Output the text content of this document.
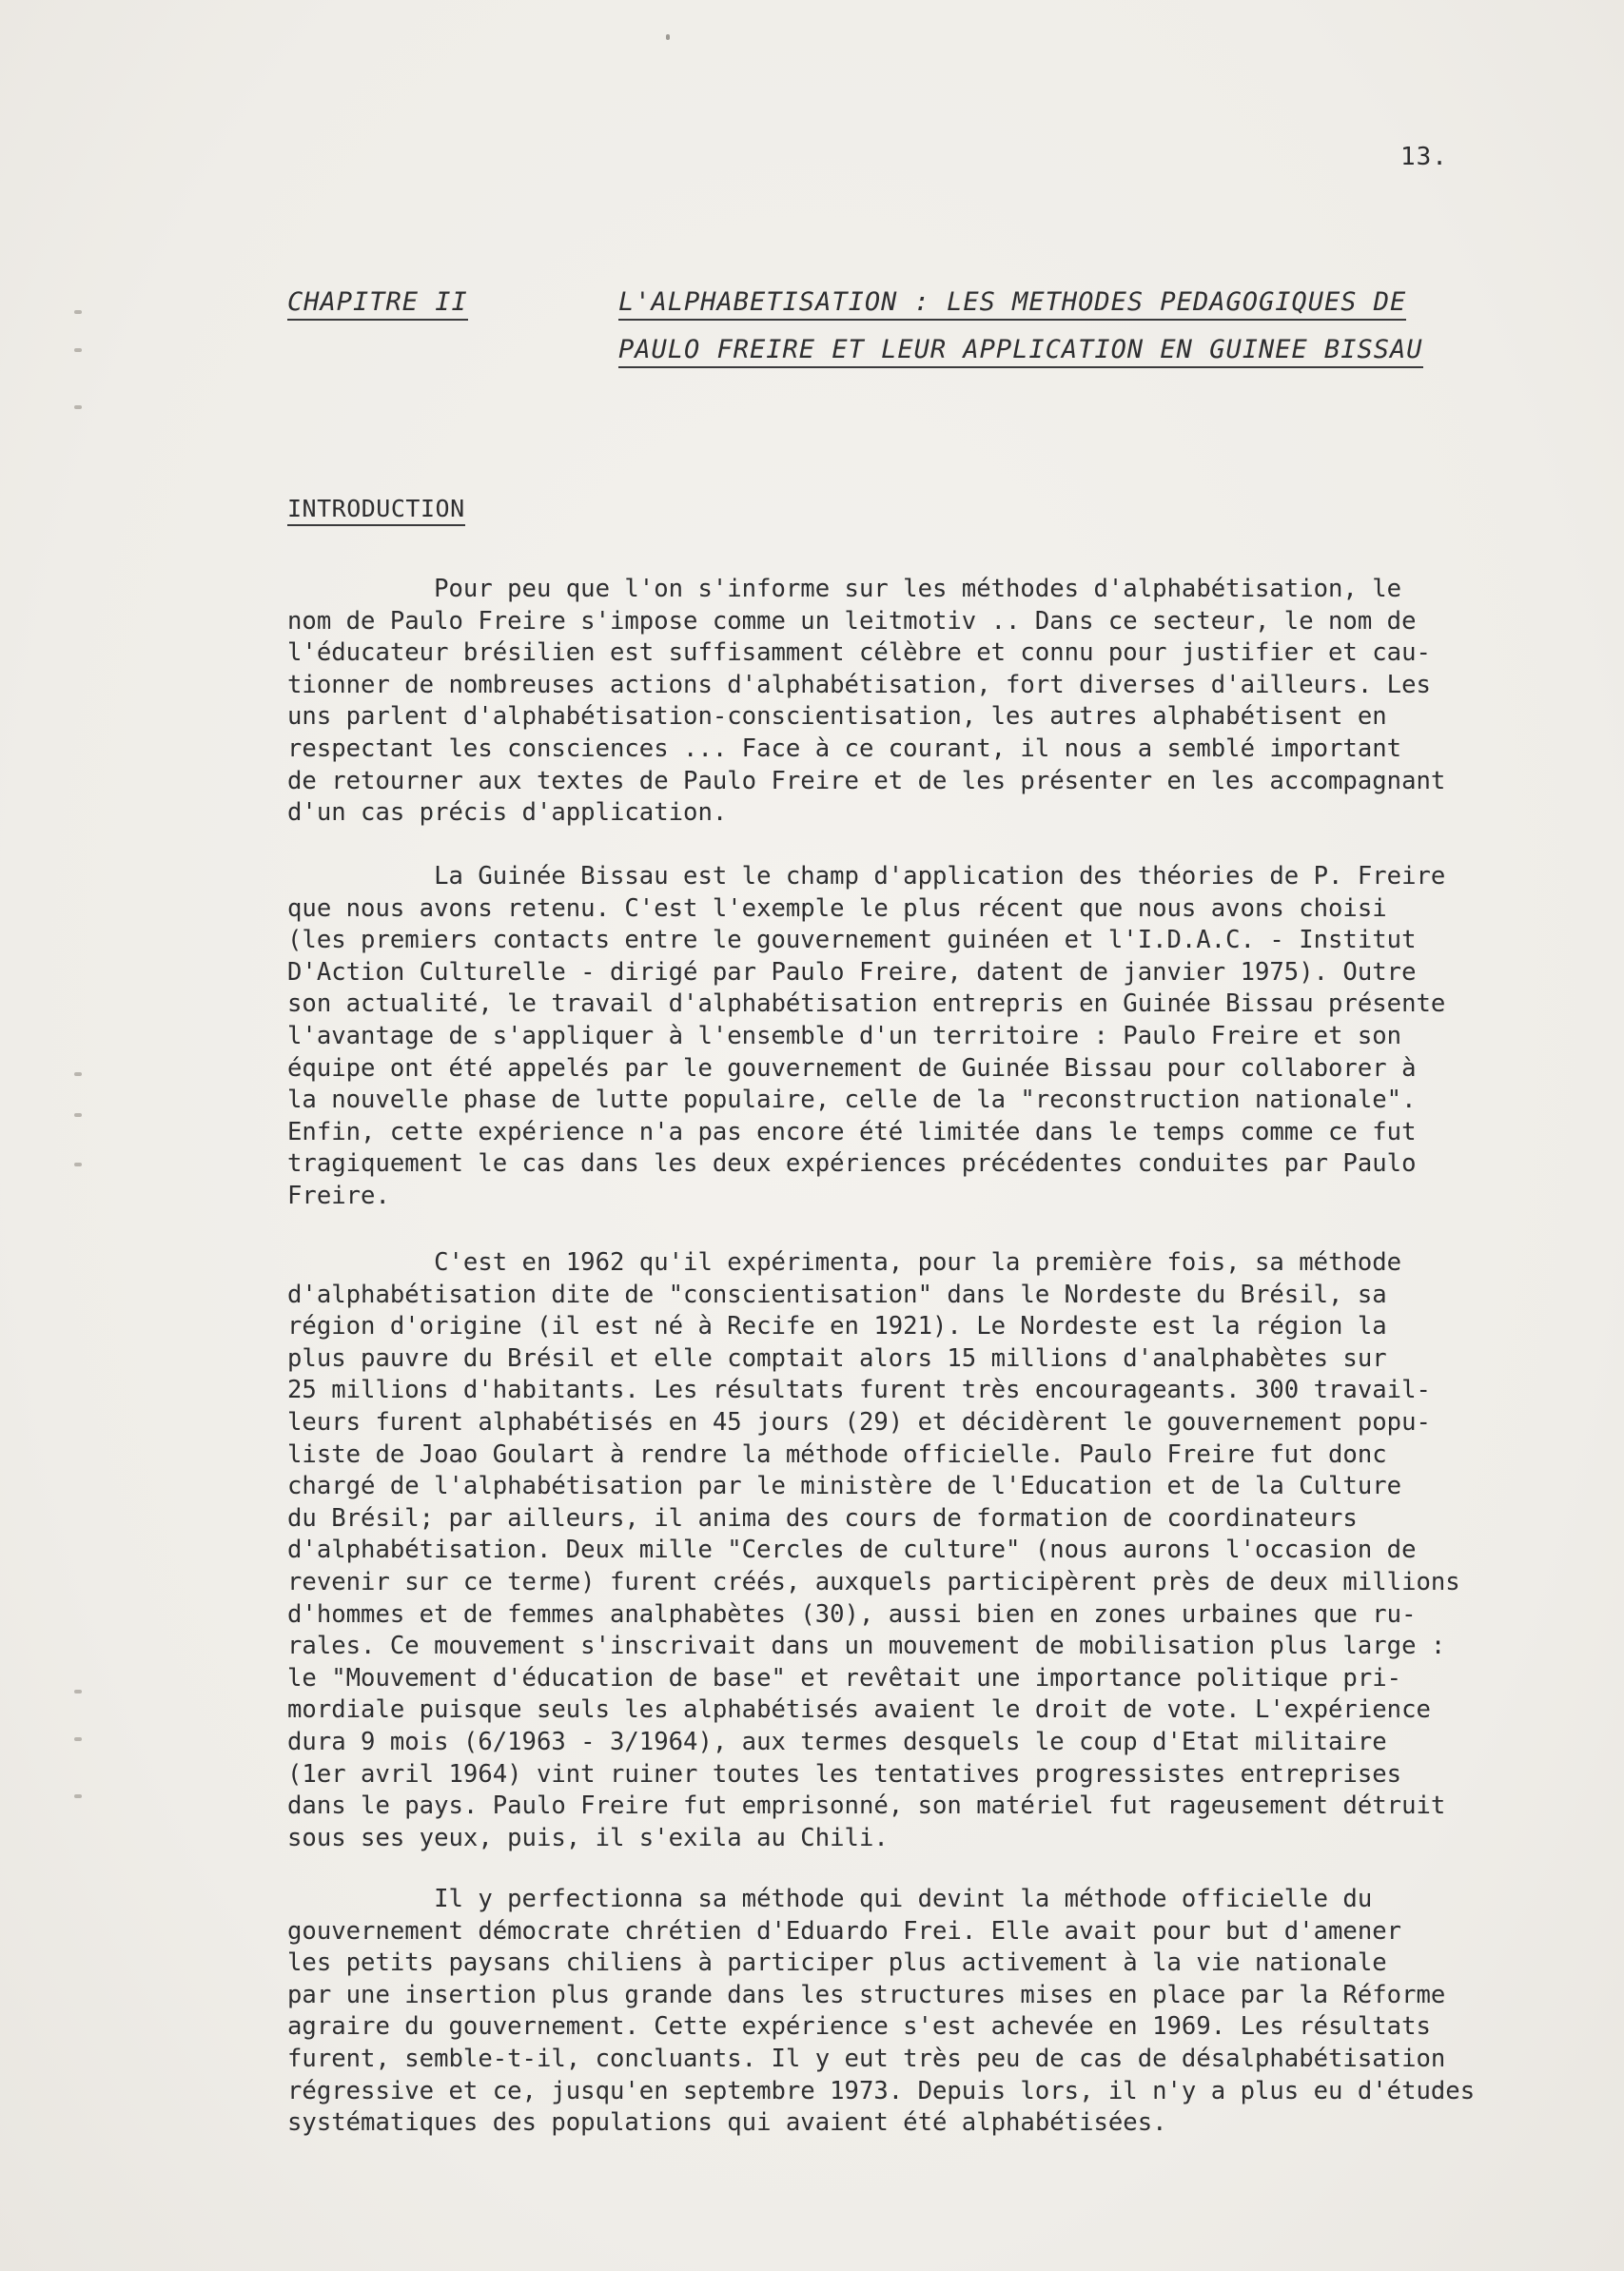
13.
CHAPITRE II	L'ALPHABETISATION : LES METHODES PEDAGOGIQUES DE
PAULO FREIRE ET LEUR APPLICATION EN GUINEE BISSAU
INTRODUCTION

Pour peu que l'on s'informe sur les méthodes d'alphabétisation, le
nom de Paulo Freire s'impose comme un leitmotiv .. Dans ce secteur, le nom de
l'éducateur brésilien est suffisamment célèbre et connu pour justifier et cau-
tionner de nombreuses actions d'alphabétisation, fort diverses d'ailleurs. Les
uns parlent d'alphabétisation-conscientisation, les autres alphabétisent en
respectant les consciences ... Face à ce courant, il nous a semblé important
de retourner aux textes de Paulo Freire et de les présenter en les accompagnant
d'un cas précis d'application.

La Guinée Bissau est le champ d'application des théories de P. Freire
que nous avons retenu. C'est l'exemple le plus récent que nous avons choisi
(les premiers contacts entre le gouvernement guinéen et l'I.D.A.C. - Institut
D'Action Culturelle - dirigé par Paulo Freire, datent de janvier 1975). Outre
son actualité, le travail d'alphabétisation entrepris en Guinée Bissau présente
l'avantage de s'appliquer à l'ensemble d'un territoire : Paulo Freire et son
équipe ont été appelés par le gouvernement de Guinée Bissau pour collaborer à
la nouvelle phase de lutte populaire, celle de la "reconstruction nationale".
Enfin, cette expérience n'a pas encore été limitée dans le temps comme ce fut
tragiquement le cas dans les deux expériences précédentes conduites par Paulo
Freire.

C'est en 1962 qu'il expérimenta, pour la première fois, sa méthode
d'alphabétisation dite de "conscientisation" dans le Nordeste du Brésil, sa
région d'origine (il est né à Recife en 1921). Le Nordeste est la région la
plus pauvre du Brésil et elle comptait alors 15 millions d'analphabètes sur
25 millions d'habitants. Les résultats furent très encourageants. 300 travail-
leurs furent alphabétisés en 45 jours (29) et décidèrent le gouvernement popu-
liste de Joao Goulart à rendre la méthode officielle. Paulo Freire fut donc
chargé de l'alphabétisation par le ministère de l'Education et de la Culture
du Brésil; par ailleurs, il anima des cours de formation de coordinateurs
d'alphabétisation. Deux mille "Cercles de culture" (nous aurons l'occasion de
revenir sur ce terme) furent créés, auxquels participèrent près de deux millions
d'hommes et de femmes analphabètes (30), aussi bien en zones urbaines que ru-
rales. Ce mouvement s'inscrivait dans un mouvement de mobilisation plus large :
le "Mouvement d'éducation de base" et revêtait une importance politique pri-
mordiale puisque seuls les alphabétisés avaient le droit de vote. L'expérience
dura 9 mois (6/1963 - 3/1964), aux termes desquels le coup d'Etat militaire
(1er avril 1964) vint ruiner toutes les tentatives progressistes entreprises
dans le pays. Paulo Freire fut emprisonné, son matériel fut rageusement détruit
sous ses yeux, puis, il s'exila au Chili.

Il y perfectionna sa méthode qui devint la méthode officielle du
gouvernement démocrate chrétien d'Eduardo Frei. Elle avait pour but d'amener
les petits paysans chiliens à participer plus activement à la vie nationale
par une insertion plus grande dans les structures mises en place par la Réforme
agraire du gouvernement. Cette expérience s'est achevée en 1969. Les résultats
furent, semble-t-il, concluants. Il y eut très peu de cas de désalphabétisation
régressive et ce, jusqu'en septembre 1973. Depuis lors, il n'y a plus eu d'études
systématiques des populations qui avaient été alphabétisées.
